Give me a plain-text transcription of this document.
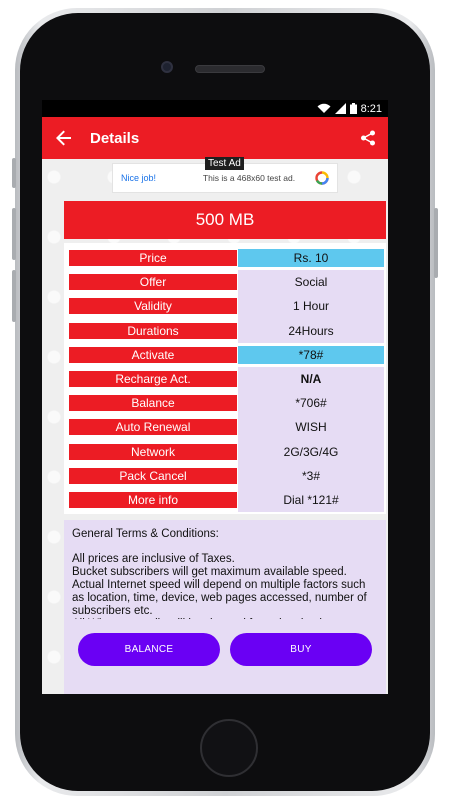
8:21
Details
Nice job!	This is a 468x60 test ad.
Test Ad
500 MB
Price	Rs. 10
Offer	Social
Validity	1 Hour
Durations	24Hours
Activate	*78#
Recharge Act.	N/A
Balance	*706#
Auto Renewal	WISH
Network	2G/3G/4G
Pack Cancel	*3#
More info	Dial *121#
General Terms & Conditions:
All prices are inclusive of Taxes.
Bucket subscribers will get maximum available speed.
Actual Internet speed will depend on multiple factors such as location, time, device, web pages accessed, number of subscribers etc.
BALANCE	BUY
